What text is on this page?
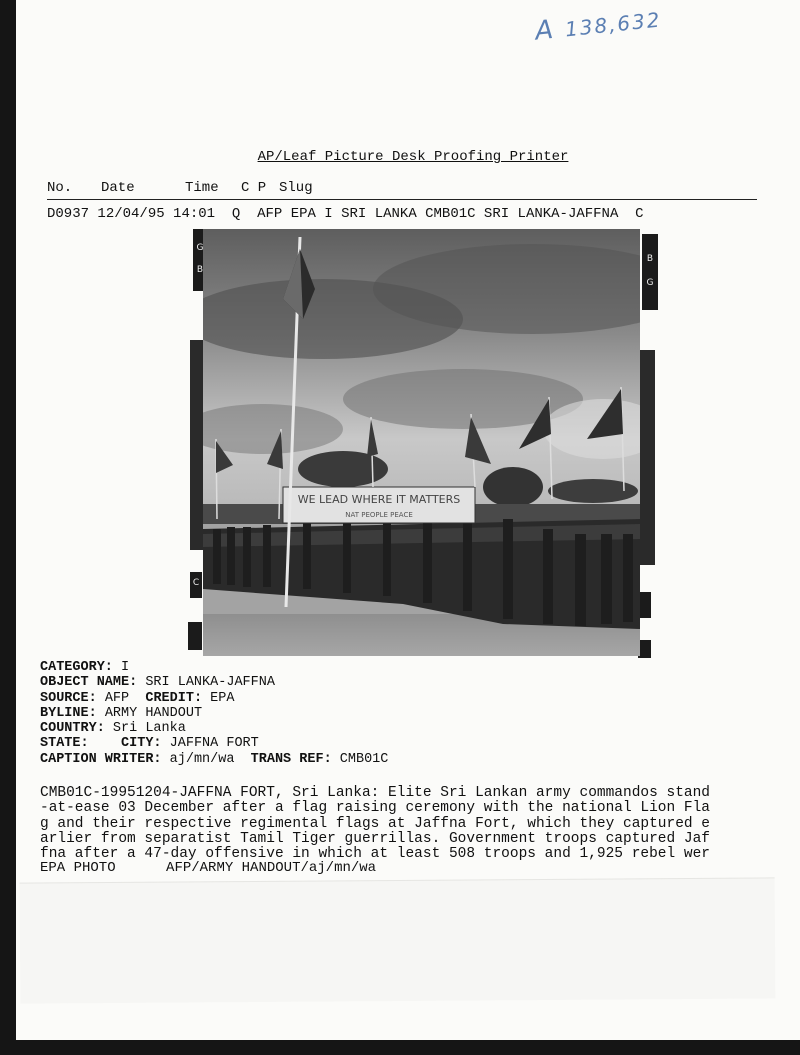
A 138,632
AP/Leaf Picture Desk Proofing Printer
No. Date	Time C P Slug
D0937 12/04/95 14:01 Q AFP EPA I SRI LANKA CMB01C SRI LANKA-JAFFNA C
G
B
C
B
G
WE LEAD WHERE IT MATTERS
NAT PEOPLE PEACE
CATEGORY: I
OBJECT NAME: SRI LANKA-JAFFNA
SOURCE: AFP CREDIT: EPA
BYLINE: ARMY HANDOUT
COUNTRY: Sri Lanka
STATE: CITY: JAFFNA FORT
CAPTION WRITER: aj/mn/wa TRANS REF: CMB01C
CMB01C-19951204-JAFFNA FORT, Sri Lanka: Elite Sri Lankan army commandos stand
-at-ease 03 December after a flag raising ceremony with the national Lion Fla
g and their respective regimental flags at Jaffna Fort, which they captured e
arlier from separatist Tamil Tiger guerrillas. Government troops captured Jaf
fna after a 47-day offensive in which at least 508 troops and 1,925 rebel wer
EPA PHOTO	AFP/ARMY HANDOUT/aj/mn/wa
